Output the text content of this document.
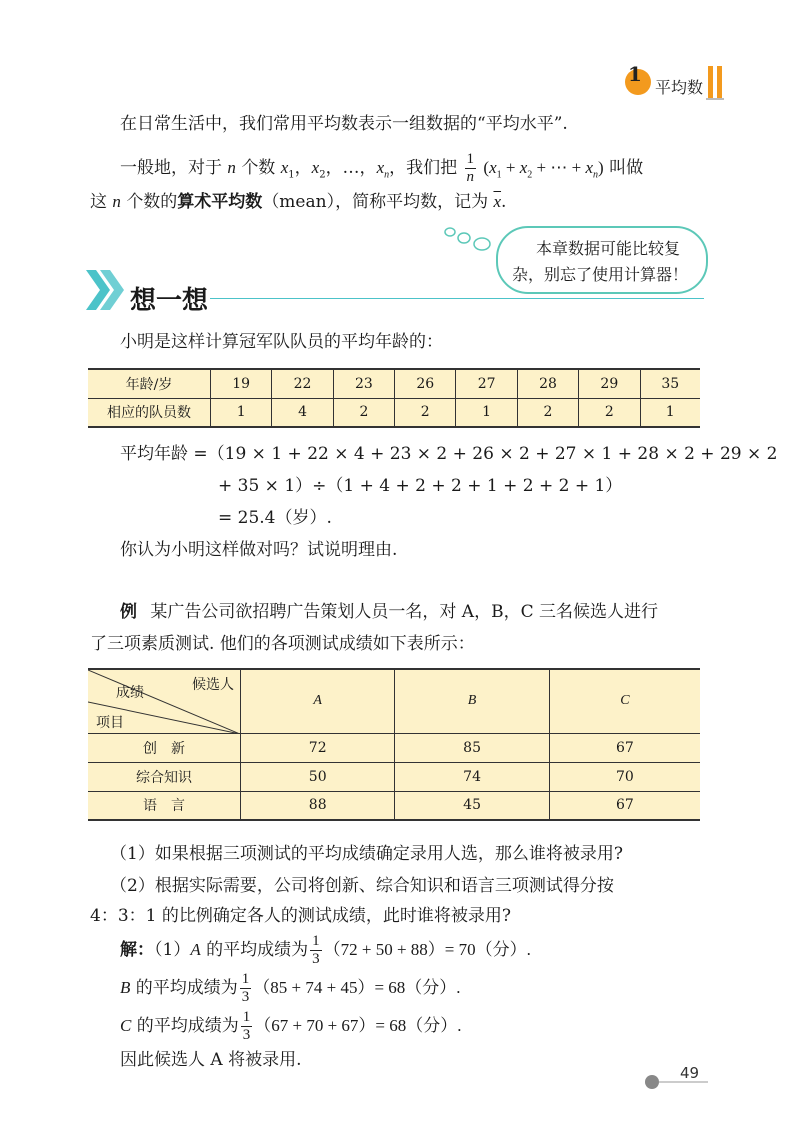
1
平均数
在日常生活中，我们常用平均数表示一组数据的“平均水平”.
一般地，对于 n 个数 $x_1$，$x_2$，…，$x_n$，我们把 $\frac{1}{n} (x_1 + x_2$ + ⋯ + $x_n$) 叫做
这 n 个数的算术平均数（mean），简称平均数，记为 $\overline{x}$.
本章数据可能比较复
杂，别忘了使用计算器！
想一想
小明是这样计算冠军队队员的平均年龄的：
年龄/岁	19	22	23	26	27	28	29	35
相应的队员数	1	4	2	2	1	2	2	1
平均年龄 =（19 × 1 + 22 × 4 + 23 × 2 + 26 × 2 + 27 × 1 + 28 × 2 + 29 × 2
+ 35 × 1）÷（1 + 4 + 2 + 2 + 1 + 2 + 2 + 1）
= 25.4（岁）.
你认为小明这样做对吗？试说明理由.
例 某广告公司欲招聘广告策划人员一名，对 A，B，C 三名候选人进行
了三项素质测试. 他们的各项测试成绩如下表所示：
候选人
成绩
项目	A	B	C
创　新	72	85	67
综合知识	50	74	70
语　言	88	45	67
（1）如果根据三项测试的平均成绩确定录用人选，那么谁将被录用?
（2）根据实际需要，公司将创新、综合知识和语言三项测试得分按
4：3：1 的比例确定各人的测试成绩，此时谁将被录用?
解：（1）A 的平均成绩为 $\frac{1}{3} (72 + 50 + 88)= 70$（分）.
B 的平均成绩为 $\frac{1}{3} (85 + 74 + 45)= 68$（分）.
C 的平均成绩为 $\frac{1}{3} (67 + 70 + 67)= 68$（分）.
因此候选人 A 将被录用.
49
